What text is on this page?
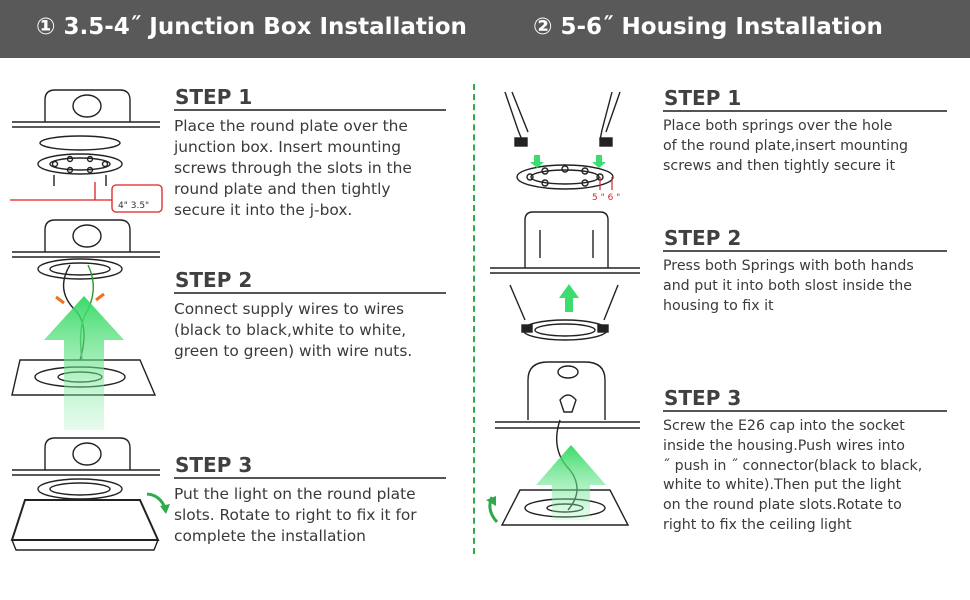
① 3.5-4˝ Junction Box Installation	② 5-6˝ Housing Installation
4" 3.5"
5 " 6 "
STEP 1
Place the round plate over the
junction box. Insert mounting
screws through the slots in the
round plate and then tightly
secure it into the j-box.
STEP 2
Connect supply wires to wires
(black to black,white to white,
green to green) with wire nuts.
STEP 3
Put the light on the round plate
slots. Rotate to right to fix it for
complete the installation
STEP 1
Place both springs over the hole
of the round plate,insert mounting
screws and then tightly secure it
STEP 2
Press both Springs with both hands
and put it into both slost inside the
housing to fix it
STEP 3
Screw the E26 cap into the socket
inside the housing.Push wires into
˝ push in ˝ connector(black to black,
white to white).Then put the light
on the round plate slots.Rotate to
right to fix the ceiling light
